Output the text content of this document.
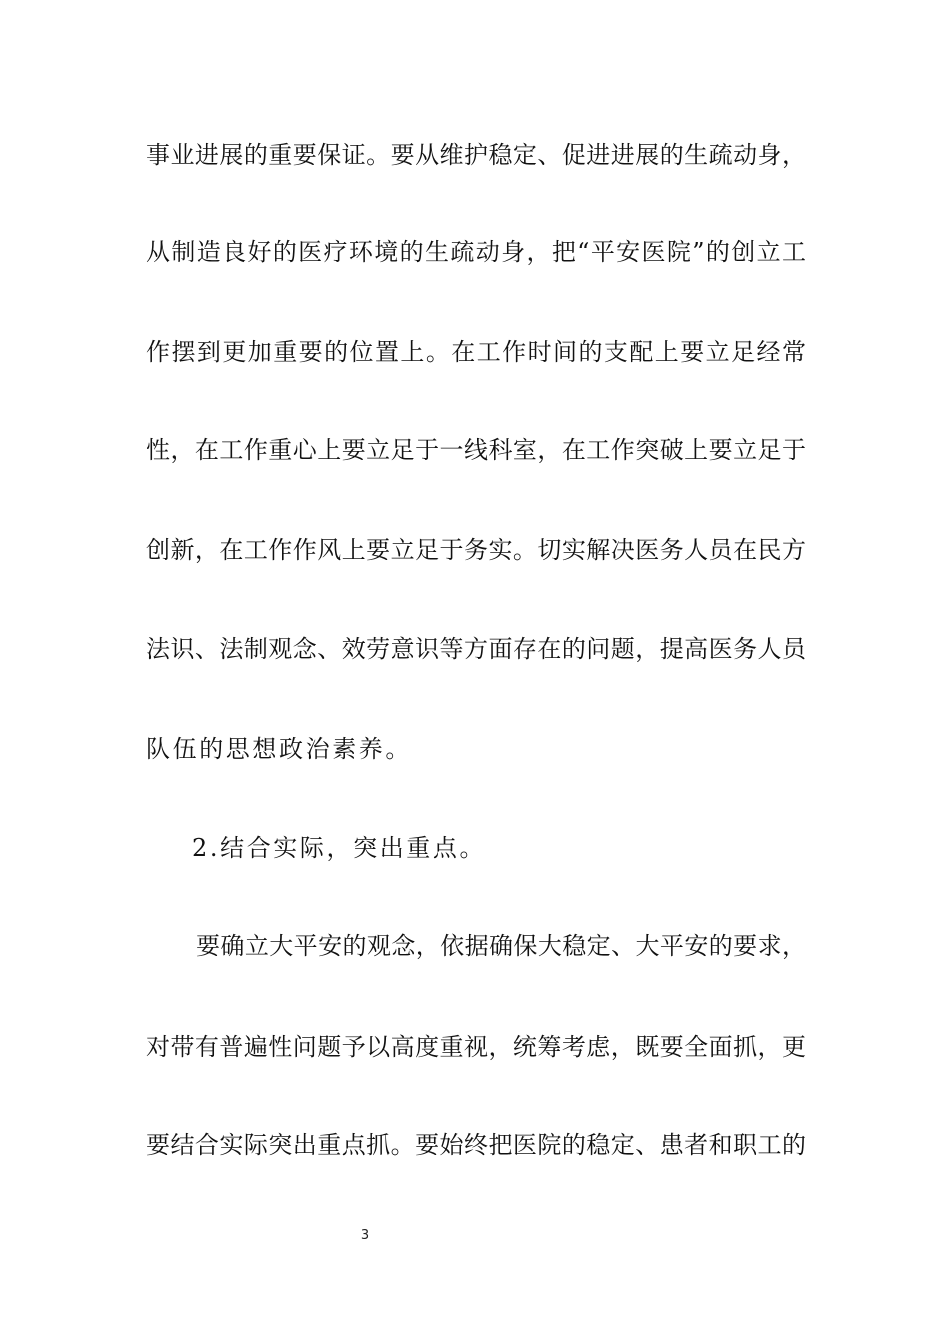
事业进展的重要保证。要从维护稳定、促进进展的生疏动身，
从制造良好的医疗环境的生疏动身，把“平安医院”的创立工
作摆到更加重要的位置上。在工作时间的支配上要立足经常
性，在工作重心上要立足于一线科室，在工作突破上要立足于
创新，在工作作风上要立足于务实。切实解决医务人员在民方
法识、法制观念、效劳意识等方面存在的问题，提高医务人员
队伍的思想政治素养。
2.结合实际，突出重点。
要确立大平安的观念，依据确保大稳定、大平安的要求，
对带有普遍性问题予以高度重视，统筹考虑，既要全面抓，更
要结合实际突出重点抓。要始终把医院的稳定、患者和职工的
3
